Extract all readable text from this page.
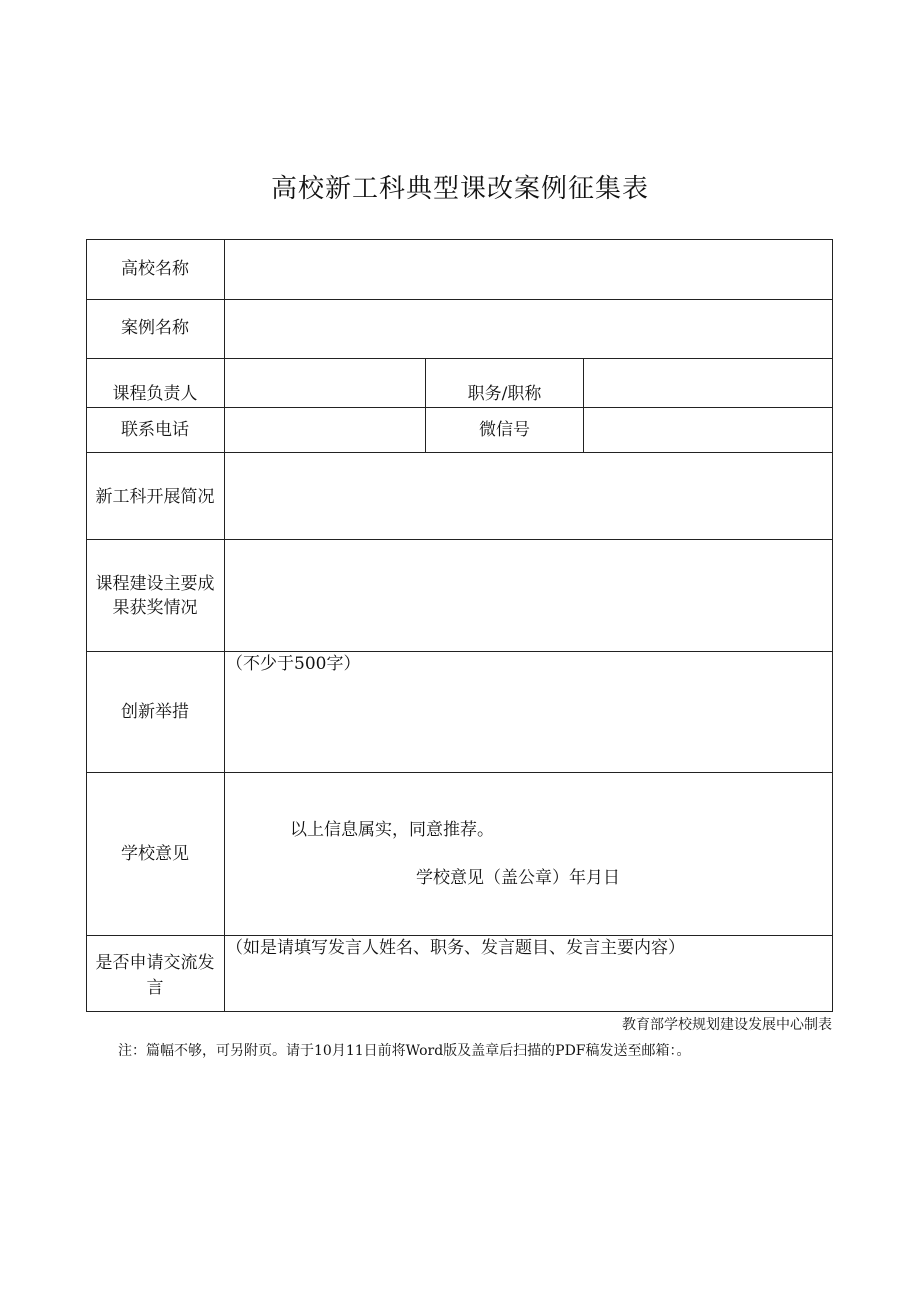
高校新工科典型课改案例征集表
高校名称
案例名称
课程负责人	职务/职称
联系电话	微信号
新工科开展简况
课程建设主要成
果获奖情况
创新举措
（不少于500字）
学校意见
以上信息属实，同意推荐。
学校意见（盖公章）年月日
是否申请交流发
言
（如是请填写发言人姓名、职务、发言题目、发言主要内容）
教育部学校规划建设发展中心制表
注：篇幅不够，可另附页。请于10月11日前将Word版及盖章后扫描的PDF稿发送至邮箱：。
